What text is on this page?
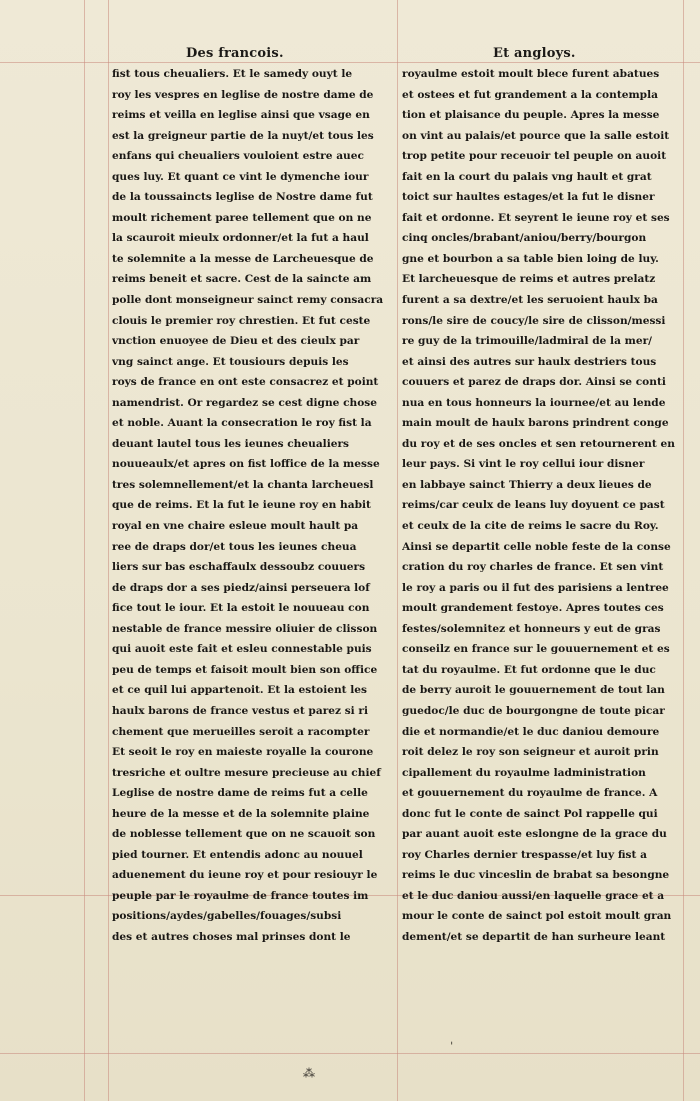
Des francois.	Et angloys.
fist tous cheualiers. Et le samedy ouyt le
roy les vespres en leglise de nostre dame de
reims et veilla en leglise ainsi que vsage en
est la greigneur partie de la nuyt/et tous les
enfans qui cheualiers vouloient estre auec
ques luy. Et quant ce vint le dymenche iour
de la toussaincts leglise de Nostre dame fut
moult richement paree tellement que on ne
la scauroit mieulx ordonner/et la fut a haul
te solemnite a la messe de Larcheuesque de
reims beneit et sacre. Cest de la saincte am
polle dont monseigneur sainct remy consacra
clouis le premier roy chrestien. Et fut ceste
vnction enuoyee de Dieu et des cieulx par
vng sainct ange. Et tousiours depuis les
roys de france en ont este consacrez et point
namendrist. Or regardez se cest digne chose
et noble. Auant la consecration le roy fist la
deuant lautel tous les ieunes cheualiers
nouueaulx/et apres on fist loffice de la messe
tres solemnellement/et la chanta larcheuesl
que de reims. Et la fut le ieune roy en habit
royal en vne chaire esleue moult hault pa
ree de draps dor/et tous les ieunes cheua
liers sur bas eschaffaulx dessoubz couuers
de draps dor a ses piedz/ainsi perseuera lof
fice tout le iour. Et la estoit le nouueau con
nestable de france messire oliuier de clisson
qui auoit este fait et esleu connestable puis
peu de temps et faisoit moult bien son office
et ce quil lui appartenoit. Et la estoient les
haulx barons de france vestus et parez si ri
chement que merueilles seroit a racompter
Et seoit le roy en maieste royalle la courone
tresriche et oultre mesure precieuse au chief
Leglise de nostre dame de reims fut a celle
heure de la messe et de la solemnite plaine
de noblesse tellement que on ne scauoit son
pied tourner. Et entendis adonc au nouuel
aduenement du ieune roy et pour resiouyr le
peuple par le royaulme de france toutes im
positions/aydes/gabelles/fouages/subsi
des et autres choses mal prinses dont le
royaulme estoit moult blece furent abatues
et ostees et fut grandement a la contempla
tion et plaisance du peuple. Apres la messe
on vint au palais/et pource que la salle estoit
trop petite pour receuoir tel peuple on auoit
fait en la court du palais vng hault et grat
toict sur haultes estages/et la fut le disner
fait et ordonne. Et seyrent le ieune roy et ses
cinq oncles/brabant/aniou/berry/bourgon
gne et bourbon a sa table bien loing de luy.
Et larcheuesque de reims et autres prelatz
furent a sa dextre/et les seruoient haulx ba
rons/le sire de coucy/le sire de clisson/messi
re guy de la trimouille/ladmiral de la mer/
et ainsi des autres sur haulx destriers tous
couuers et parez de draps dor. Ainsi se conti
nua en tous honneurs la iournee/et au lende
main moult de haulx barons prindrent conge
du roy et de ses oncles et sen retournerent en
leur pays. Si vint le roy cellui iour disner
en labbaye sainct Thierry a deux lieues de
reims/car ceulx de leans luy doyuent ce past
et ceulx de la cite de reims le sacre du Roy.
Ainsi se departit celle noble feste de la conse
cration du roy charles de france. Et sen vint
le roy a paris ou il fut des parisiens a lentree
moult grandement festoye. Apres toutes ces
festes/solemnitez et honneurs y eut de gras
conseilz en france sur le gouuernement et es
tat du royaulme. Et fut ordonne que le duc
de berry auroit le gouuernement de tout lan
guedoc/le duc de bourgongne de toute picar
die et normandie/et le duc daniou demoure
roit delez le roy son seigneur et auroit prin
cipallement du royaulme ladministration
et gouuernement du royaulme de france. A
donc fut le conte de sainct Pol rappelle qui
par auant auoit este eslongne de la grace du
roy Charles dernier trespasse/et luy fist a
reims le duc vinceslin de brabat sa besongne
et le duc daniou aussi/en laquelle grace et a
mour le conte de sainct pol estoit moult gran
dement/et se departit de han surheure leant
ˈ
⁂
